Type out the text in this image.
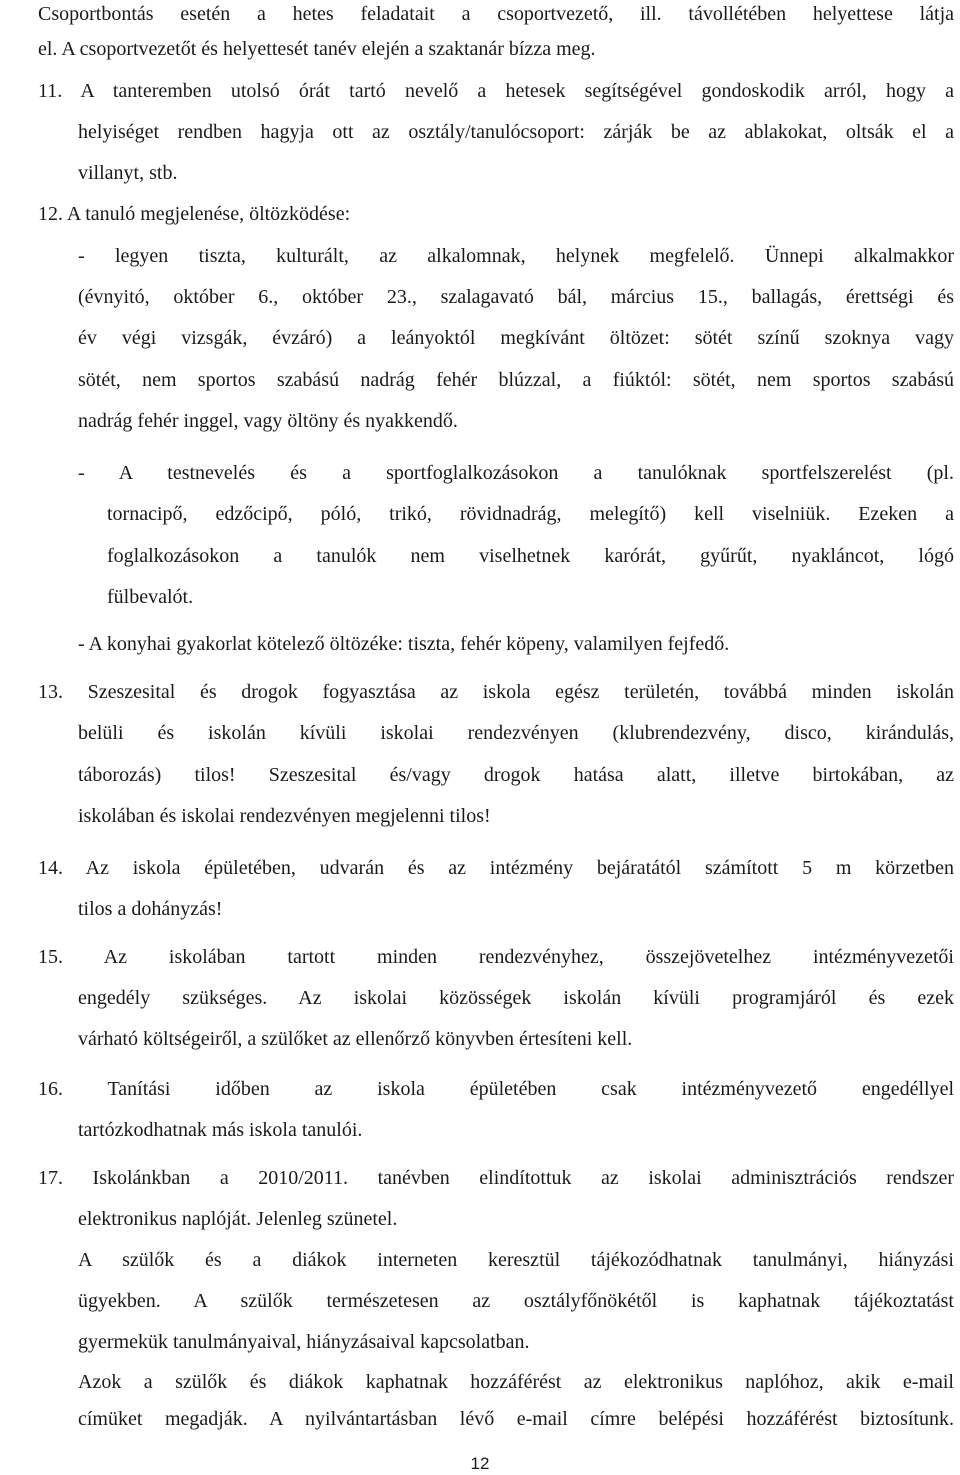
Csoportbontás esetén a hetes feladatait a csoportvezető, ill. távollétében helyettese látja
el. A csoportvezetőt és helyettesét tanév elején a szaktanár bízza meg.
11. A tanteremben utolsó órát tartó nevelő a hetesek segítségével gondoskodik arról, hogy a
helyiséget rendben hagyja ott az osztály/tanulócsoport: zárják be az ablakokat, oltsák el a
villanyt, stb.
12. A tanuló megjelenése, öltözködése:
- legyen tiszta, kulturált, az alkalomnak, helynek megfelelő. Ünnepi alkalmakkor
(évnyitó, október 6., október 23., szalagavató bál, március 15., ballagás, érettségi és
év végi vizsgák, évzáró) a leányoktól megkívánt öltözet: sötét színű szoknya vagy
sötét, nem sportos szabású nadrág fehér blúzzal, a fiúktól: sötét, nem sportos szabású
nadrág fehér inggel, vagy öltöny és nyakkendő.
- A testnevelés és a sportfoglalkozásokon a tanulóknak sportfelszerelést (pl.
tornacipő, edzőcipő, póló, trikó, rövidnadrág, melegítő) kell viselniük. Ezeken a
foglalkozásokon a tanulók nem viselhetnek karórát, gyűrűt, nyakláncot, lógó
fülbevalót.
- A konyhai gyakorlat kötelező öltözéke: tiszta, fehér köpeny, valamilyen fejfedő.
13. Szeszesital és drogok fogyasztása az iskola egész területén, továbbá minden iskolán
belüli és iskolán kívüli iskolai rendezvényen (klubrendezvény, disco, kirándulás,
táborozás) tilos! Szeszesital és/vagy drogok hatása alatt, illetve birtokában, az
iskolában és iskolai rendezvényen megjelenni tilos!
14. Az iskola épületében, udvarán és az intézmény bejáratától számított 5 m körzetben
tilos a dohányzás!
15. Az iskolában tartott minden rendezvényhez, összejövetelhez intézményvezetői
engedély szükséges. Az iskolai közösségek iskolán kívüli programjáról és ezek
várható költségeiről, a szülőket az ellenőrző könyvben értesíteni kell.
16. Tanítási időben az iskola épületében csak intézményvezető engedéllyel
tartózkodhatnak más iskola tanulói.
17. Iskolánkban a 2010/2011. tanévben elindítottuk az iskolai adminisztrációs rendszer
elektronikus naplóját. Jelenleg szünetel.
A szülők és a diákok interneten keresztül tájékozódhatnak tanulmányi, hiányzási
ügyekben. A szülők természetesen az osztályfőnökétől is kaphatnak tájékoztatást
gyermekük tanulmányaival, hiányzásaival kapcsolatban.
Azok a szülők és diákok kaphatnak hozzáférést az elektronikus naplóhoz, akik e-mail
címüket megadják. A nyilvántartásban lévő e-mail címre belépési hozzáférést biztosítunk.
12
